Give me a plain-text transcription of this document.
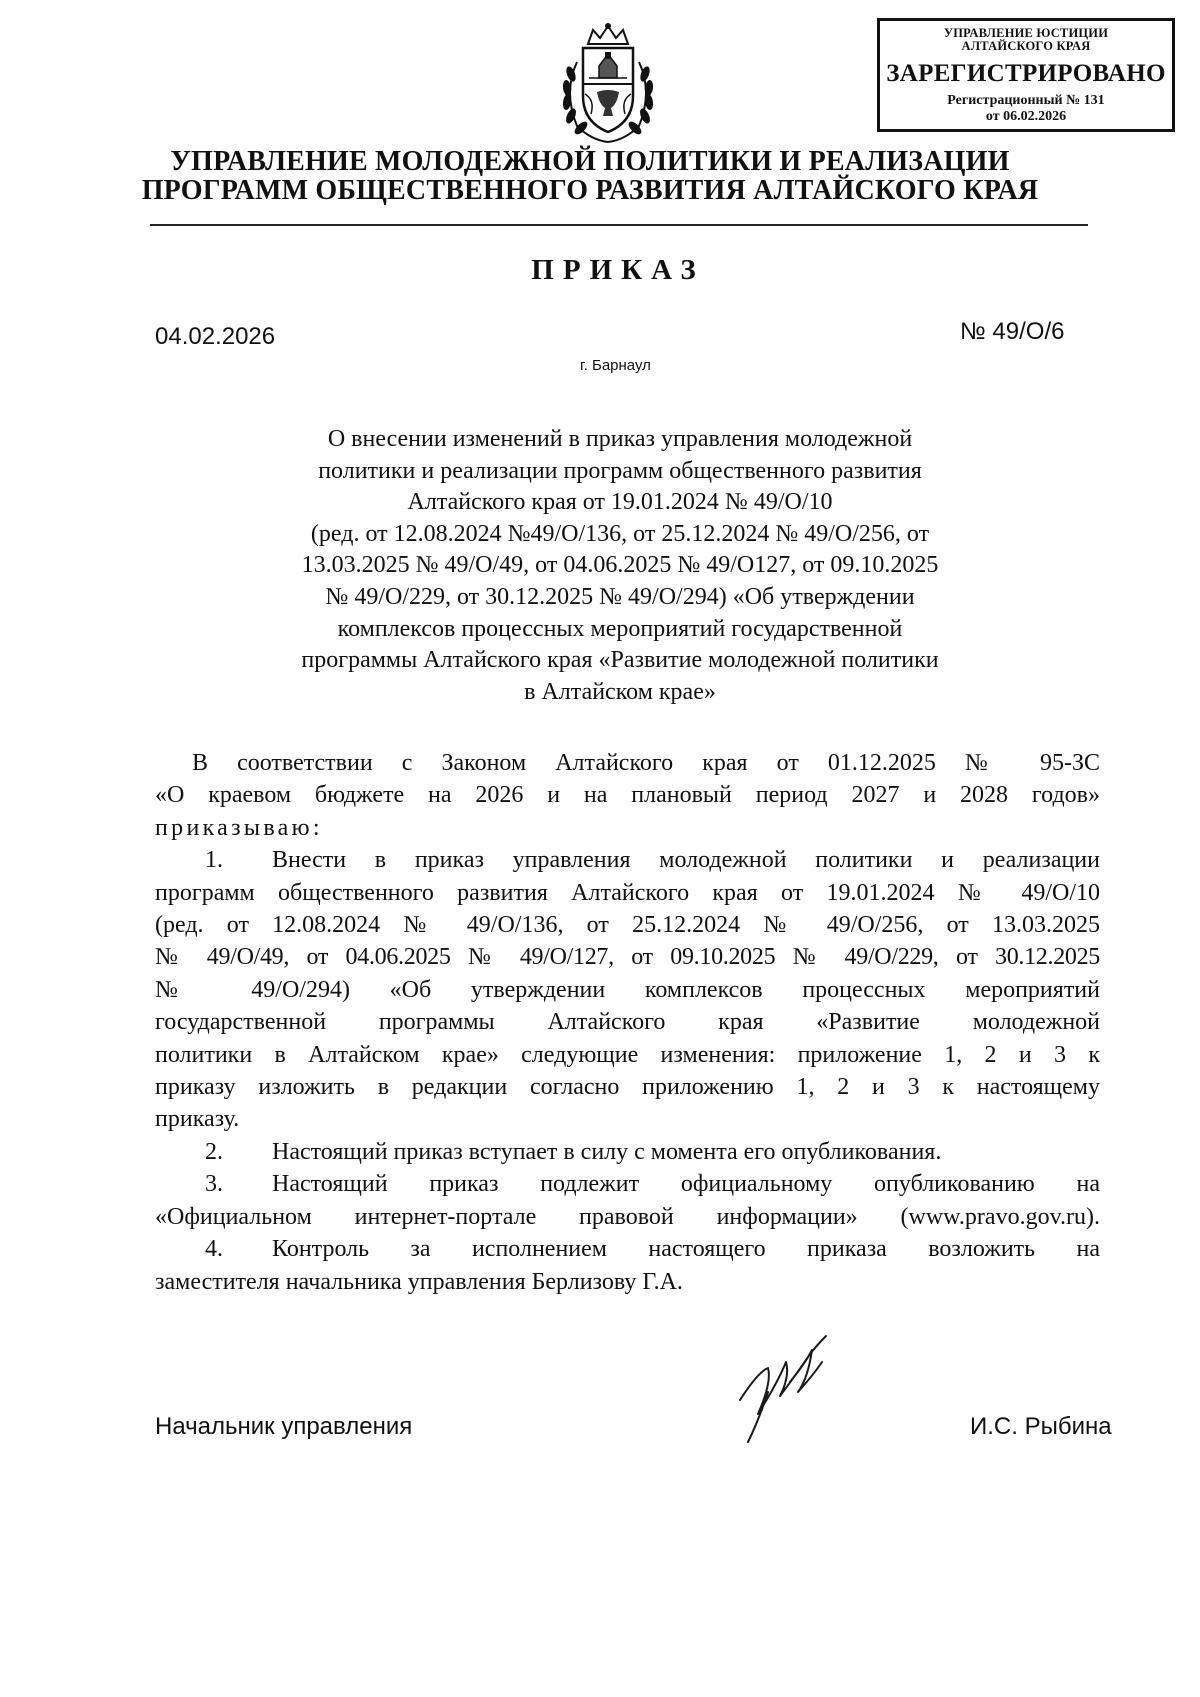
УПРАВЛЕНИЕ ЮСТИЦИИ
АЛТАЙСКОГО КРАЯ
ЗАРЕГИСТРИРОВАНО
Регистрационный № 131
от 06.02.2026
УПРАВЛЕНИЕ МОЛОДЕЖНОЙ ПОЛИТИКИ И РЕАЛИЗАЦИИ
ПРОГРАММ ОБЩЕСТВЕННОГО РАЗВИТИЯ АЛТАЙСКОГО КРАЯ
ПРИКАЗ
04.02.2026	№ 49/О/6
г. Барнаул
О внесении изменений в приказ управления молодежной
политики и реализации программ общественного развития
Алтайского края от 19.01.2024 № 49/О/10
(ред. от 12.08.2024 №49/О/136, от 25.12.2024 № 49/О/256, от
13.03.2025 № 49/О/49, от 04.06.2025 № 49/О127, от 09.10.2025
№ 49/О/229, от 30.12.2025 № 49/О/294) «Об утверждении
комплексов процессных мероприятий государственной
программы Алтайского края «Развитие молодежной политики
в Алтайском крае»
В соответствии с Законом Алтайского края от 01.12.2025 № 95-ЗС
«О краевом бюджете на 2026 и на плановый период 2027 и 2028 годов»
приказываю:
1.	Внести в приказ управления молодежной политики и реализации
программ общественного развития Алтайского края от 19.01.2024 № 49/О/10
(ред. от 12.08.2024 № 49/О/136, от 25.12.2024 № 49/О/256, от 13.03.2025
№ 49/О/49, от 04.06.2025 № 49/О/127, от 09.10.2025 № 49/О/229, от 30.12.2025
№ 49/О/294) «Об утверждении комплексов процессных мероприятий
государственной программы Алтайского края «Развитие молодежной
политики в Алтайском крае» следующие изменения: приложение 1, 2 и 3 к
приказу изложить в редакции согласно приложению 1, 2 и 3 к настоящему
приказу.
2.	Настоящий приказ вступает в силу с момента его опубликования.
3.	Настоящий приказ подлежит официальному опубликованию на
«Официальном интернет-портале правовой информации» (www.pravo.gov.ru).
4.	Контроль за исполнением настоящего приказа возложить на
заместителя начальника управления Берлизову Г.А.
Начальник управления	И.С. Рыбина
